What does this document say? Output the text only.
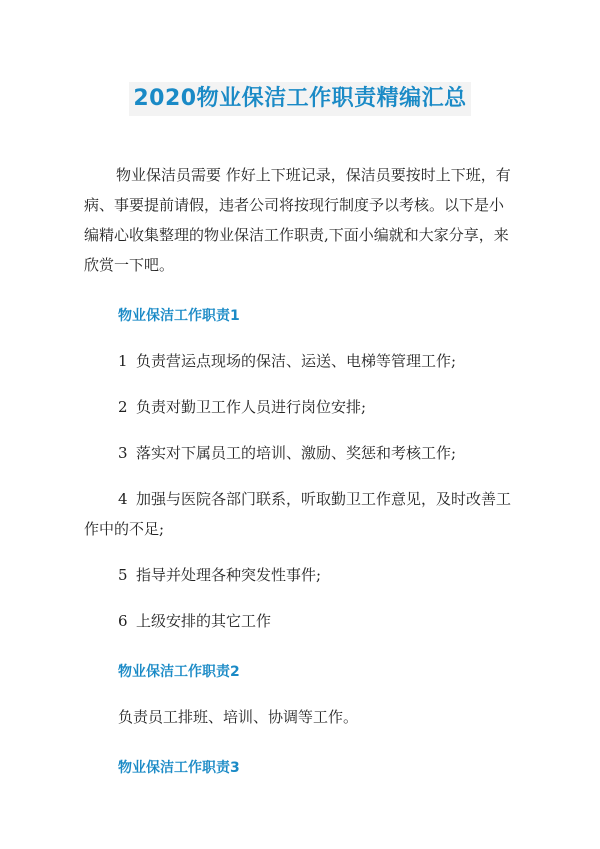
2020物业保洁工作职责精编汇总

物业保洁员需要 作好上下班记录，保洁员要按时上下班，有病、事要提前请假，违者公司将按现行制度予以考核。以下是小编精心收集整理的物业保洁工作职责,下面小编就和大家分享，来欣赏一下吧。

物业保洁工作职责1

1 负责营运点现场的保洁、运送、电梯等管理工作;

2 负责对勤卫工作人员进行岗位安排;

3 落实对下属员工的培训、激励、奖惩和考核工作;

4 加强与医院各部门联系，听取勤卫工作意见，及时改善工作中的不足;

5 指导并处理各种突发性事件;

6 上级安排的其它工作

物业保洁工作职责2

负责员工排班、培训、协调等工作。

物业保洁工作职责3
